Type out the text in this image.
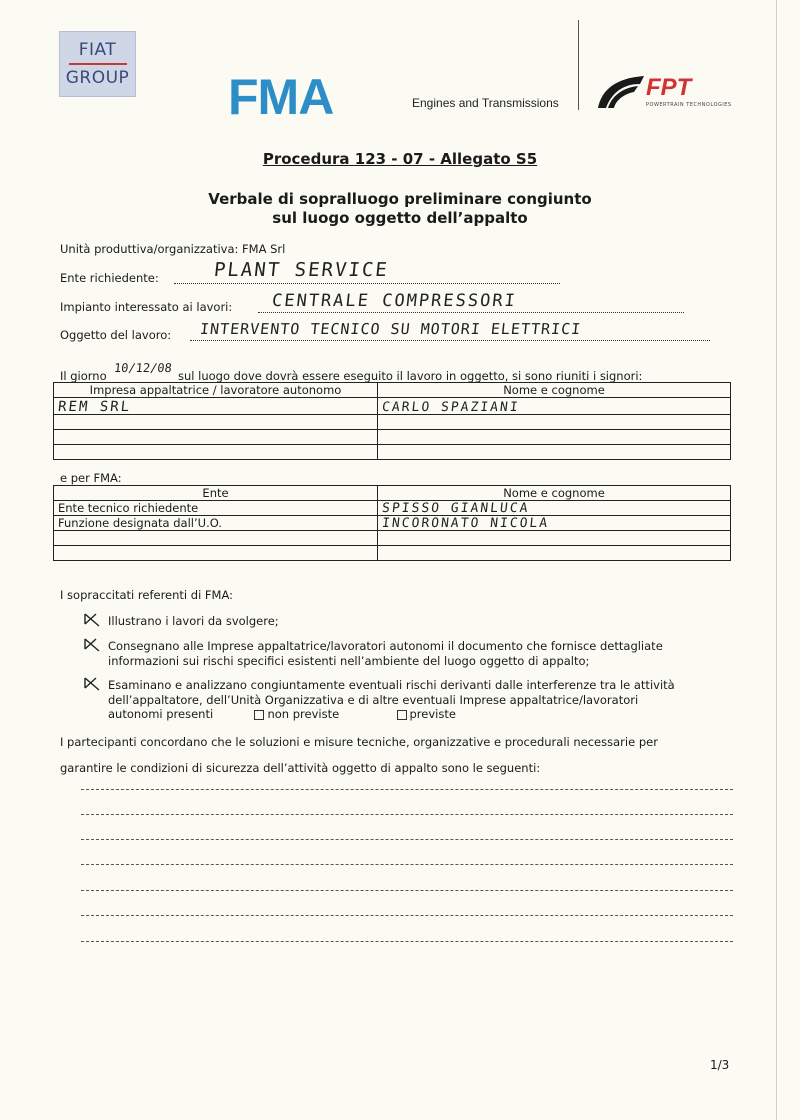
FIAT
GROUP FMA	Engines and Transmissions
FPT
POWERTRAIN TECHNOLOGIES
Procedura 123 - 07 - Allegato S5
Verbale di sopralluogo preliminare congiunto
sul luogo oggetto dell’appalto
Unità produttiva/organizzativa: FMA Srl
Ente richiedente:	PLANT SERVICE
Impianto interessato ai lavori: CENTRALE COMPRESSORI
Oggetto del lavoro: INTERVENTO TECNICO SU MOTORI ELETTRICI
Il giorno
10/12/08
sul luogo dove dovrà essere eseguito il lavoro in oggetto, si sono riuniti i signori:
Impresa appaltatrice / lavoratore autonomo	Nome e cognome
REM SRL	CARLO SPAZIANI

e per FMA:
Ente	Nome e cognome
Ente tecnico richiedente	SPISSO GIANLUCA
Funzione designata dall’U.O.	INCORONATO NICOLA

I sopraccitati referenti di FMA:
Illustrano i lavori da svolgere;
Consegnano alle Imprese appaltatrice/lavoratori autonomi il documento che fornisce dettagliate
informazioni sui rischi specifici esistenti nell’ambiente del luogo oggetto di appalto;
Esaminano e analizzano congiuntamente eventuali rischi derivanti dalle interferenze tra le attività
dell’appaltatore, dell’Unità Organizzativa e di altre eventuali Imprese appaltatrice/lavoratori
autonomi presenti	non previste	previste
I partecipanti concordano che le soluzioni e misure tecniche, organizzative e procedurali necessarie per
garantire le condizioni di sicurezza dell’attività oggetto di appalto sono le seguenti:
1/3
